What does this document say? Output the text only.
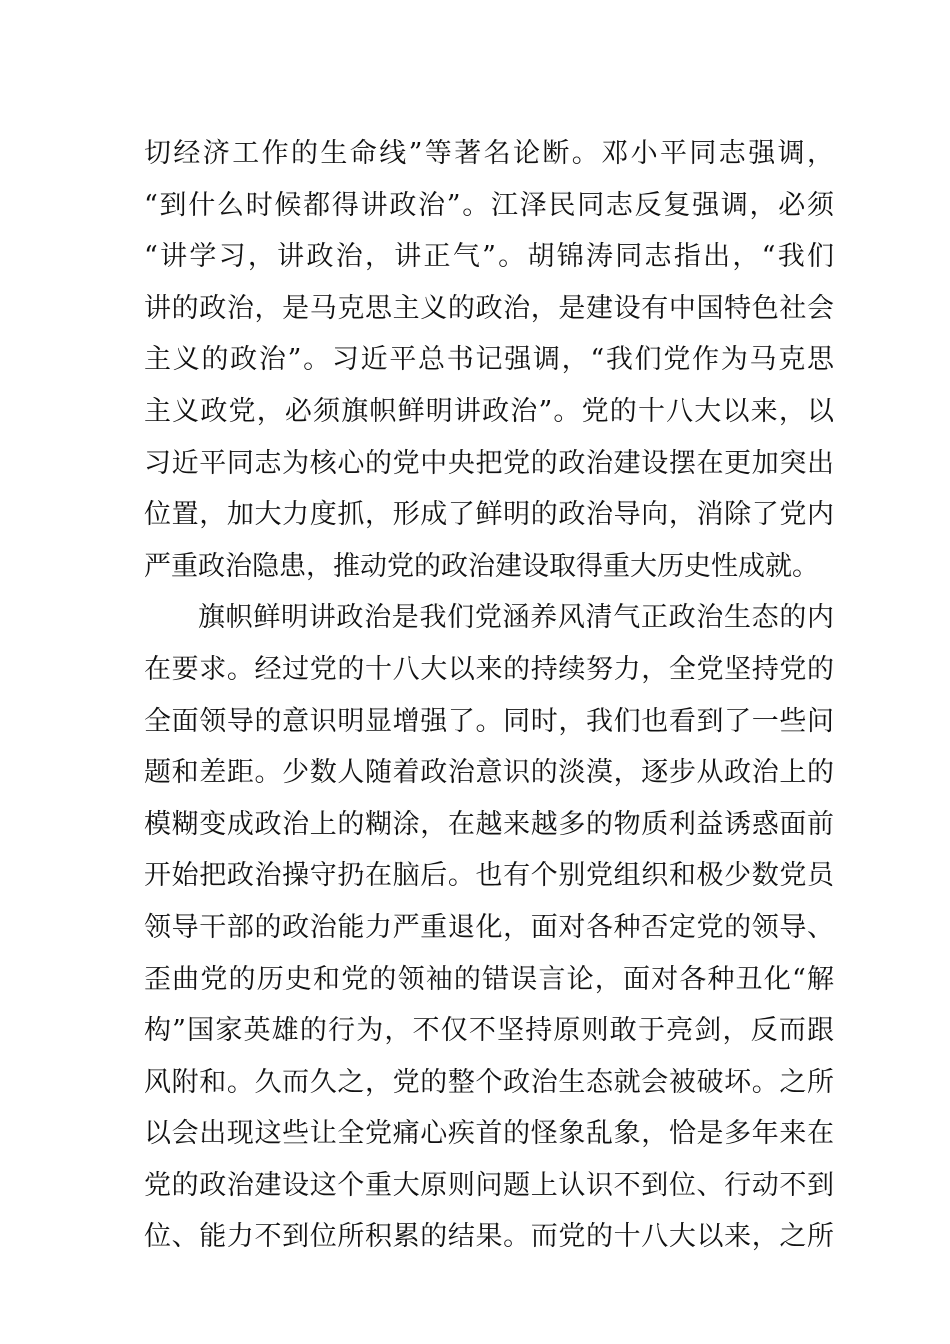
切经济工作的生命线”等著名论断。邓小平同志强调，
“到什么时候都得讲政治”。江泽民同志反复强调，必须
“讲学习，讲政治，讲正气”。胡锦涛同志指出，“我们
讲的政治，是马克思主义的政治，是建设有中国特色社会
主义的政治”。习近平总书记强调，“我们党作为马克思
主义政党，必须旗帜鲜明讲政治”。党的十八大以来，以
习近平同志为核心的党中央把党的政治建设摆在更加突出
位置，加大力度抓，形成了鲜明的政治导向，消除了党内
严重政治隐患，推动党的政治建设取得重大历史性成就。
旗帜鲜明讲政治是我们党涵养风清气正政治生态的内
在要求。经过党的十八大以来的持续努力，全党坚持党的
全面领导的意识明显增强了。同时，我们也看到了一些问
题和差距。少数人随着政治意识的淡漠，逐步从政治上的
模糊变成政治上的糊涂，在越来越多的物质利益诱惑面前
开始把政治操守扔在脑后。也有个别党组织和极少数党员
领导干部的政治能力严重退化，面对各种否定党的领导、
歪曲党的历史和党的领袖的错误言论，面对各种丑化“解
构”国家英雄的行为，不仅不坚持原则敢于亮剑，反而跟
风附和。久而久之，党的整个政治生态就会被破坏。之所
以会出现这些让全党痛心疾首的怪象乱象，恰是多年来在
党的政治建设这个重大原则问题上认识不到位、行动不到
位、能力不到位所积累的结果。而党的十八大以来，之所
